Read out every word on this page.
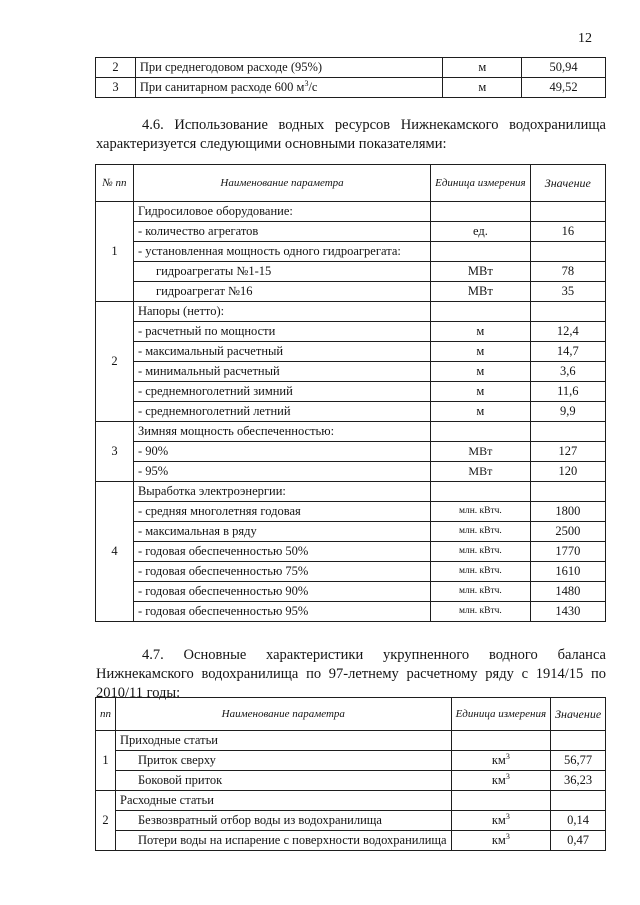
12
2	При среднегодовом расходе (95%)	м	50,94
3	При санитарном расходе 600 $м^3/с$	м	49,52

4.6. Использование водных ресурсов Нижнекамского водохранилища характеризуется следующими основными показателями:

№ пп	Наименование параметра	Единица измерения	Значение
1	Гидросиловое оборудование:		
	- количество агрегатов	ед.	16
	- установленная мощность одного гидроагрегата:		
	гидроагрегаты №1-15	МВт	78
	гидроагрегат №16	МВт	35
2	Напоры (нетто):		
	- расчетный по мощности	м	12,4
	- максимальный расчетный	м	14,7
	- минимальный расчетный	м	3,6
	- среднемноголетний зимний	м	11,6
	- среднемноголетний летний	м	9,9
3	Зимняя мощность обеспеченностью:		
	- 90%	МВт	127
	- 95%	МВт	120
4	Выработка электроэнергии:		
	- средняя многолетняя годовая	млн. кВтч.	1800
	- максимальная в ряду	млн. кВтч.	2500
	- годовая обеспеченностью 50%	млн. кВтч.	1770
	- годовая обеспеченностью 75%	млн. кВтч.	1610
	- годовая обеспеченностью 90%	млн. кВтч.	1480
	- годовая обеспеченностью 95%	млн. кВтч.	1430

4.7. Основные характеристики укрупненного водного баланса Нижнекамского водохранилища по 97-летнему расчетному ряду с 1914/15 по 2010/11 годы:

пп	Наименование параметра	Единица измерения	Значение
1	Приходные статьи		
	Приток сверху	$км^3$	56,77
	Боковой приток	$км^3$	36,23
2	Расходные статьи		
	Безвозвратный отбор воды из водохранилища	$км^3$	0,14
	Потери воды на испарение с поверхности водохранилища	$км^3$	0,47
